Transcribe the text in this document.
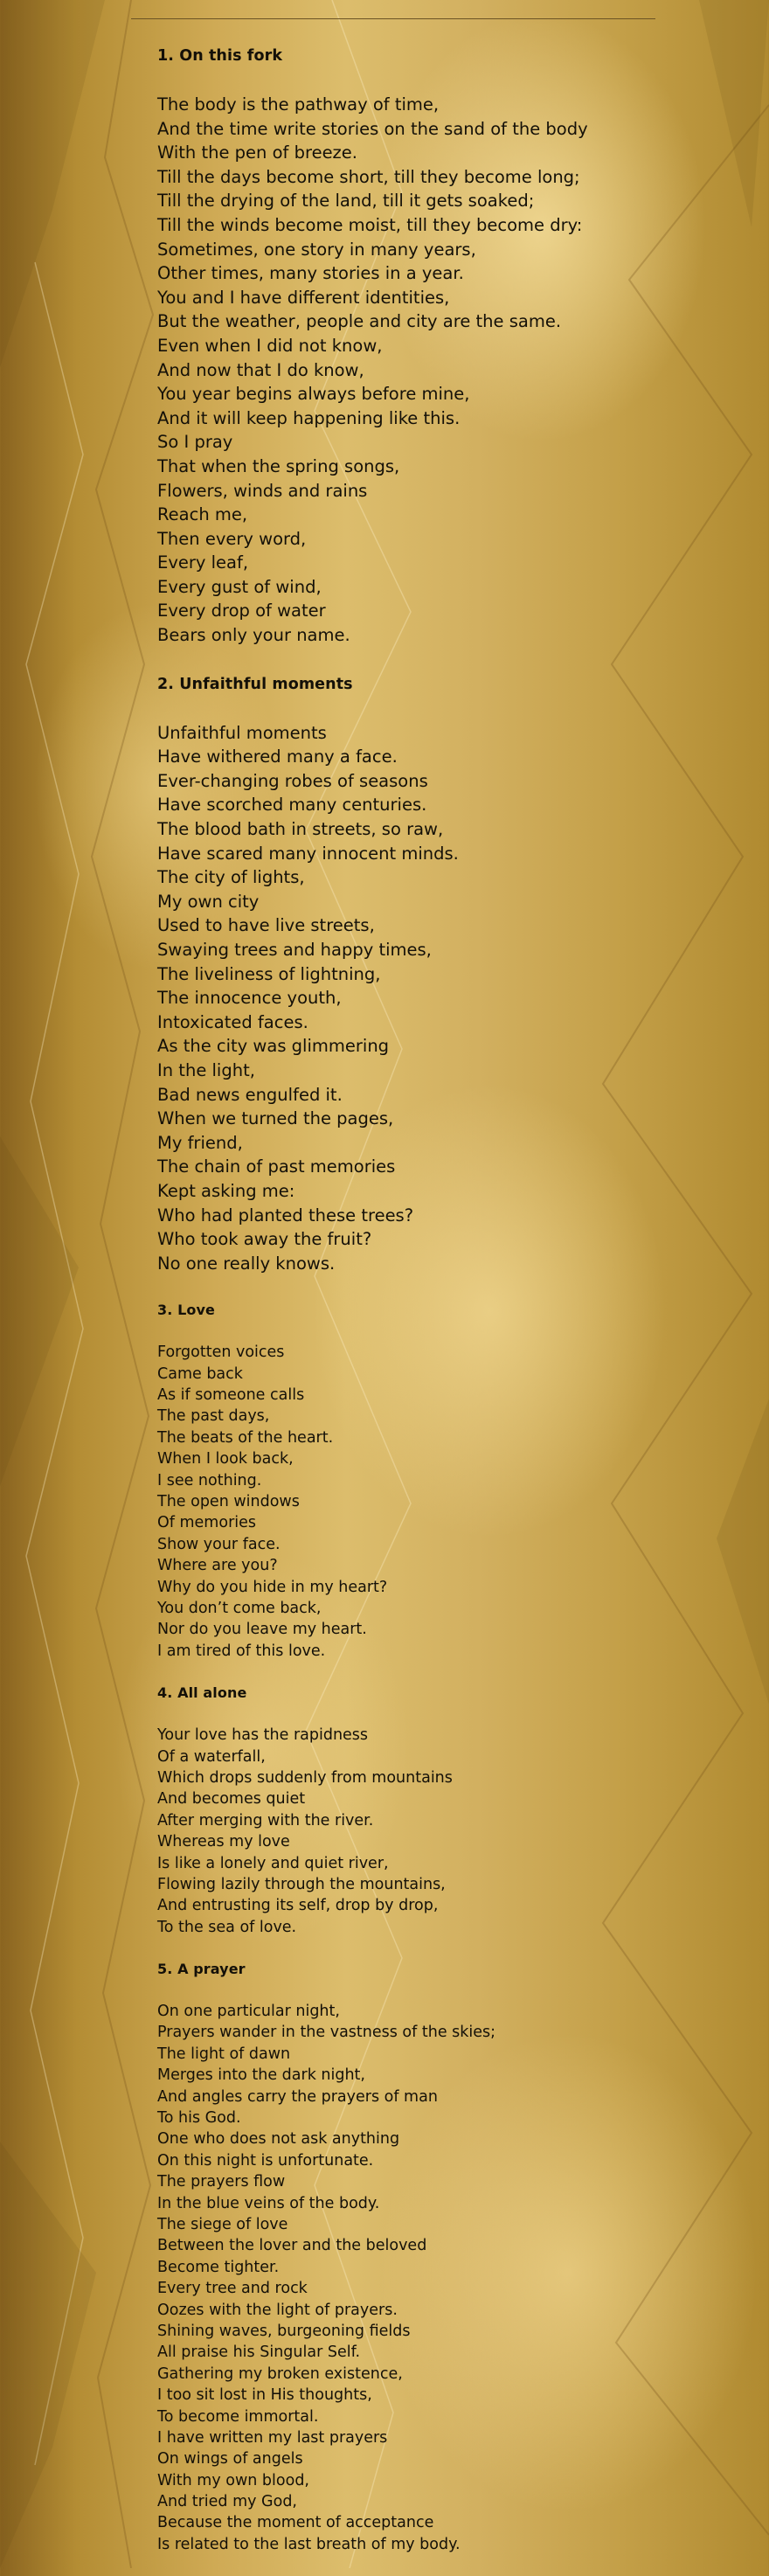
1. On this fork
The body is the pathway of time,
And the time write stories on the sand of the body
With the pen of breeze.
Till the days become short, till they become long;
Till the drying of the land, till it gets soaked;
Till the winds become moist, till they become dry:
Sometimes, one story in many years,
Other times, many stories in a year.
You and I have different identities,
But the weather, people and city are the same.
Even when I did not know,
And now that I do know,
You year begins always before mine,
And it will keep happening like this.
So I pray
That when the spring songs,
Flowers, winds and rains
Reach me,
Then every word,
Every leaf,
Every gust of wind,
Every drop of water
Bears only your name.
2. Unfaithful moments
Unfaithful moments
Have withered many a face.
Ever-changing robes of seasons
Have scorched many centuries.
The blood bath in streets, so raw,
Have scared many innocent minds.
The city of lights,
My own city
Used to have live streets,
Swaying trees and happy times,
The liveliness of lightning,
The innocence youth,
Intoxicated faces.
As the city was glimmering
In the light,
Bad news engulfed it.
When we turned the pages,
My friend,
The chain of past memories
Kept asking me:
Who had planted these trees?
Who took away the fruit?
No one really knows.
3. Love
Forgotten voices
Came back
As if someone calls
The past days,
The beats of the heart.
When I look back,
I see nothing.
The open windows
Of memories
Show your face.
Where are you?
Why do you hide in my heart?
You don’t come back,
Nor do you leave my heart.
I am tired of this love.
4. All alone
Your love has the rapidness
Of a waterfall,
Which drops suddenly from mountains
And becomes quiet
After merging with the river.
Whereas my love
Is like a lonely and quiet river,
Flowing lazily through the mountains,
And entrusting its self, drop by drop,
To the sea of love.
5. A prayer
On one particular night,
Prayers wander in the vastness of the skies;
The light of dawn
Merges into the dark night,
And angles carry the prayers of man
To his God.
One who does not ask anything
On this night is unfortunate.
The prayers flow
In the blue veins of the body.
The siege of love
Between the lover and the beloved
Become tighter.
Every tree and rock
Oozes with the light of prayers.
Shining waves, burgeoning fields
All praise his Singular Self.
Gathering my broken existence,
I too sit lost in His thoughts,
To become immortal.
I have written my last prayers
On wings of angels
With my own blood,
And tried my God,
Because the moment of acceptance
Is related to the last breath of my body.
